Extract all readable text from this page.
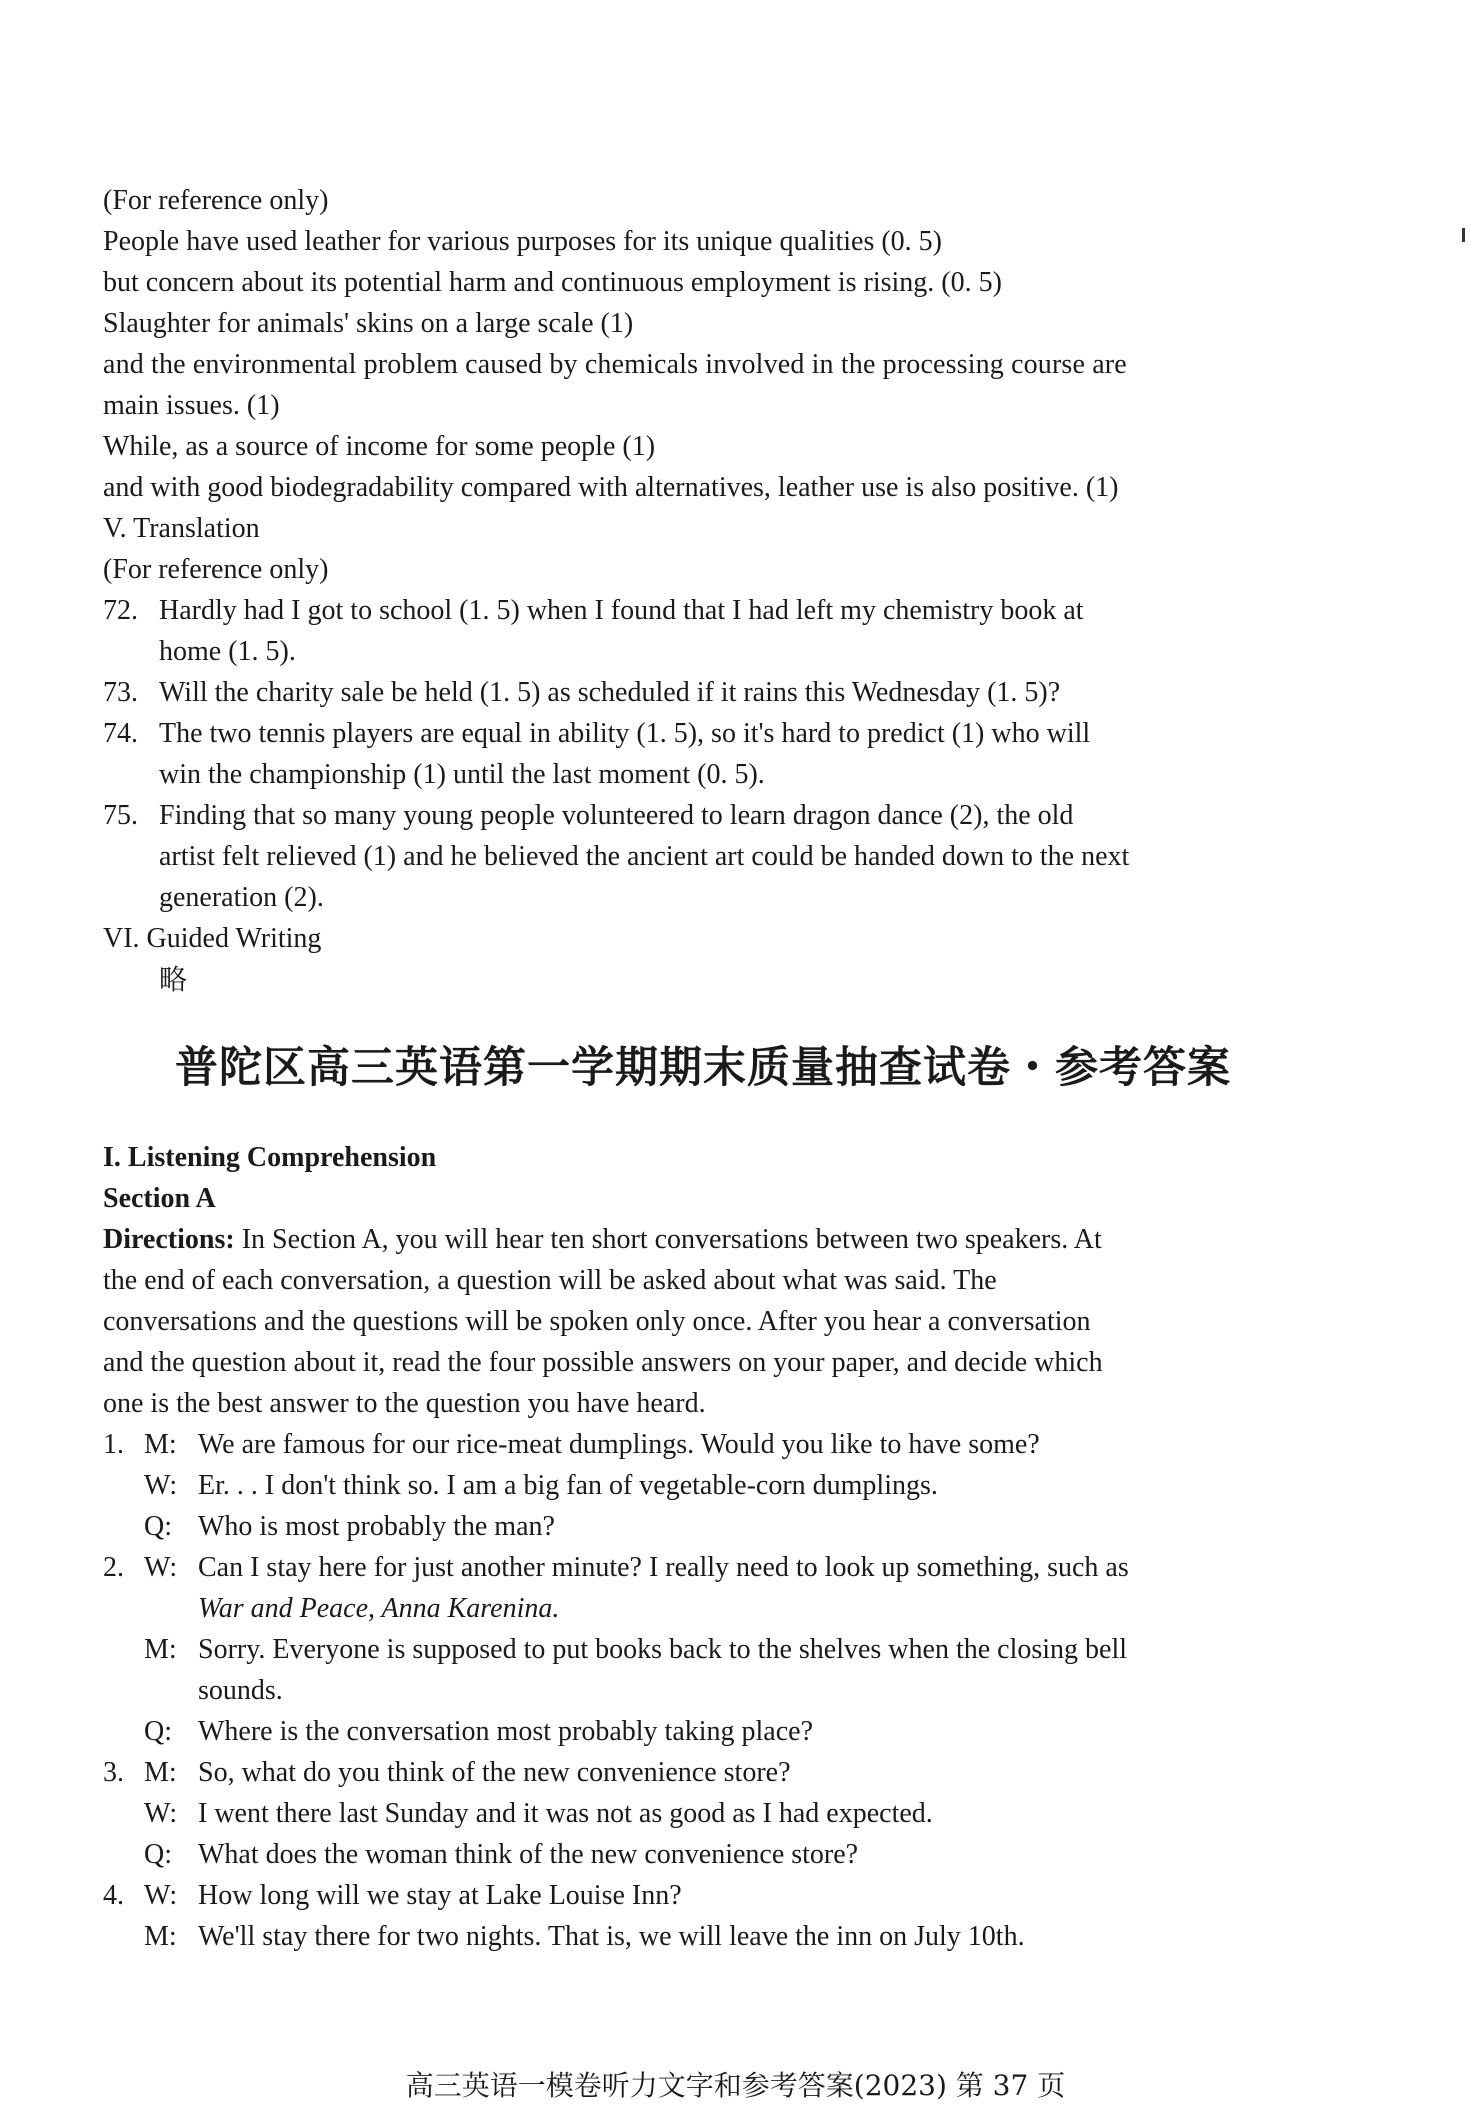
(For reference only)
People have used leather for various purposes for its unique qualities (0. 5)
but concern about its potential harm and continuous employment is rising. (0. 5)
Slaughter for animals' skins on a large scale (1)
and the environmental problem caused by chemicals involved in the processing course are
main issues. (1)
While, as a source of income for some people (1)
and with good biodegradability compared with alternatives, leather use is also positive. (1)
V. Translation
(For reference only)
72. Hardly had I got to school (1. 5) when I found that I had left my chemistry book at
home (1. 5).
73. Will the charity sale be held (1. 5) as scheduled if it rains this Wednesday (1. 5)?
74. The two tennis players are equal in ability (1. 5), so it's hard to predict (1) who will
win the championship (1) until the last moment (0. 5).
75. Finding that so many young people volunteered to learn dragon dance (2), the old
artist felt relieved (1) and he believed the ancient art could be handed down to the next
generation (2).
VI. Guided Writing
略
普陀区高三英语第一学期期末质量抽查试卷・参考答案
I. Listening Comprehension
Section A
Directions: In Section A, you will hear ten short conversations between two speakers. At
the end of each conversation, a question will be asked about what was said. The
conversations and the questions will be spoken only once. After you hear a conversation
and the question about it, read the four possible answers on your paper, and decide which
one is the best answer to the question you have heard.
1. M: We are famous for our rice-meat dumplings. Would you like to have some?
W: Er. . . I don't think so. I am a big fan of vegetable-corn dumplings.
Q: Who is most probably the man?
2. W: Can I stay here for just another minute? I really need to look up something, such as
War and Peace, Anna Karenina.
M: Sorry. Everyone is supposed to put books back to the shelves when the closing bell
sounds.
Q: Where is the conversation most probably taking place?
3. M: So, what do you think of the new convenience store?
W: I went there last Sunday and it was not as good as I had expected.
Q: What does the woman think of the new convenience store?
4. W: How long will we stay at Lake Louise Inn?
M: We'll stay there for two nights. That is, we will leave the inn on July 10th.
高三英语一模卷听力文字和参考答案(2023) 第 37 页
